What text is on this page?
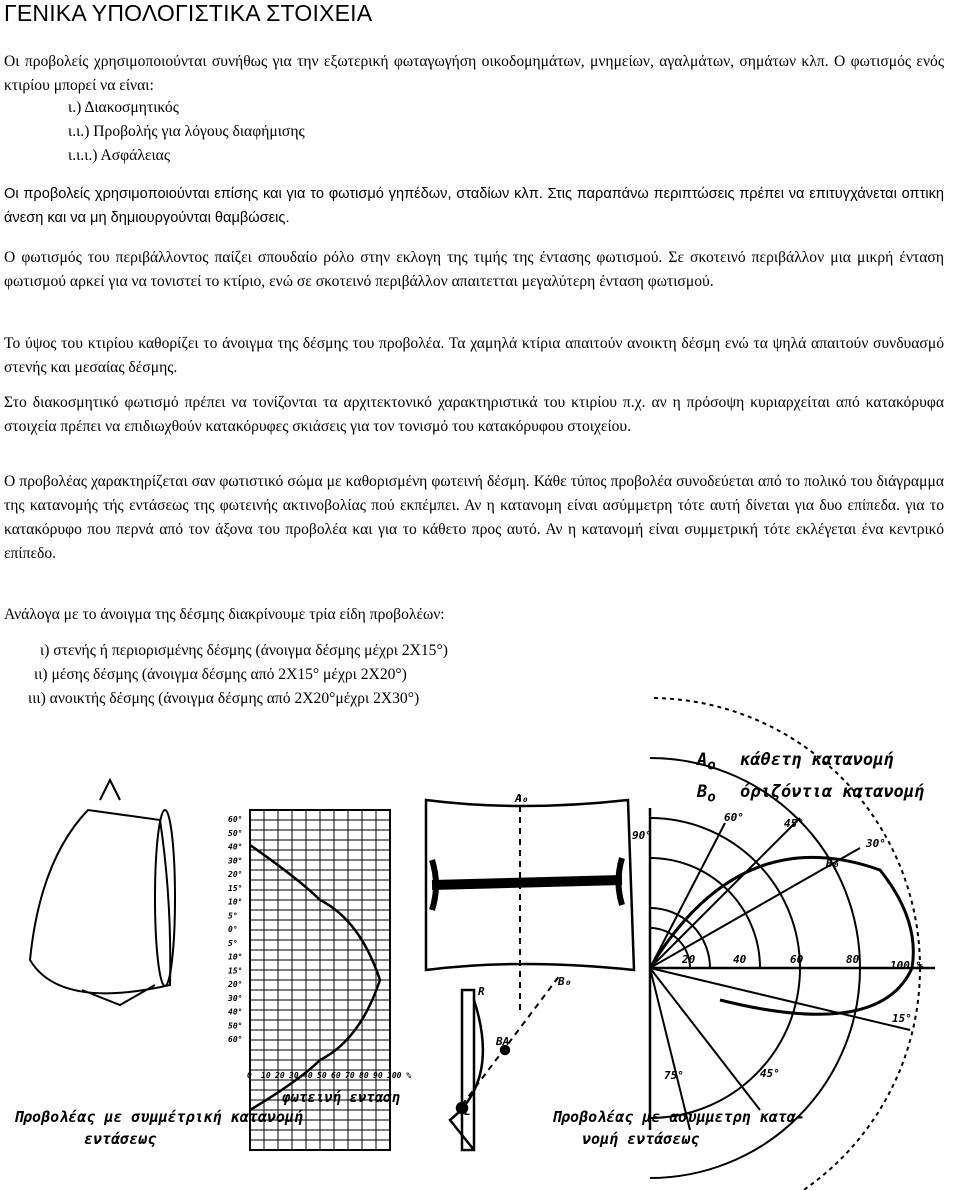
ΓΕΝΙΚΑ ΥΠΟΛΟΓΙΣΤΙΚΑ ΣΤΟΙΧΕΙΑ

Οι προβολείς χρησιμοποιούνται συνήθως για την εξωτερική φωταγωγήση οικοδομημάτων, μνημείων, αγαλμάτων, σημάτων κλπ. Ο φωτισμός ενός κτιρίου μπορεί να είναι:

ι.) Διακοσμητικός

ι.ι.) Προβολής για λόγους διαφήμισης

ι.ι.ι.) Ασφάλειας

Οι προβολείς χρησιμοποιούνται επίσης και για το φωτισμό γηπέδων, σταδίων κλπ. Στις παραπάνω περιπτώσεις πρέπει να επιτυγχάνεται οπτικη άνεση και να μη δημιουργούνται θαμβώσεις.

Ο φωτισμός του περιβάλλοντος παίζει σπουδαίο ρόλο στην εκλογη της τιμής της έντασης φωτισμού. Σε σκοτεινό περιβάλλον μια μικρή ένταση φωτισμού αρκεί για να τονιστεί το κτίριο, ενώ σε σκοτεινό περιβάλλον απαιτετται μεγαλύτερη ένταση φωτισμού.

Το ύψος του κτιρίου καθορίζει το άνοιγμα της δέσμης του προβολέα. Τα χαμηλά κτίρια απαιτούν ανοικτη δέσμη ενώ τα ψηλά απαιτούν συνδυασμό στενής και μεσαίας δέσμης.

Στο διακοσμητικό φωτισμό πρέπει να τονίζονται τα αρχιτεκτονικό χαρακτηριστικά του κτιρίου π.χ. αν η πρόσοψη κυριαρχείται από κατακόρυφα στοιχεία πρέπει να επιδιωχθούν κατακόρυφες σκιάσεις για τον τονισμό του κατακόρυφου στοιχείου.

Ο προβολέας χαρακτηρίζεται σαν φωτιστικό σώμα με καθορισμένη φωτεινή δέσμη. Κάθε τύπος προβολέα συνοδεύεται από το πολικό του διάγραμμα της κατανομής τής εντάσεως της φωτεινής ακτινοβολίας πού εκπέμπει. Αν η κατανομη είναι ασύμμετρη τότε αυτή δίνεται για δυο επίπεδα. για το κατακόρυφο που περνά από τον άξονα του προβολέα και για το κάθετο προς αυτό. Αν η κατανομή είναι συμμετρική τότε εκλέγεται ένα κεντρικό επίπεδο.

Ανάλογα με το άνοιγμα της δέσμης διακρίνουμε τρία είδη προβολέων:

ι) στενής ή περιορισμένης δέσμης (άνοιγμα δέσμης μέχρι 2Χ15°)

ιι) μέσης δέσμης (άνοιγμα δέσμης από 2Χ15° μέχρι 2Χ20°)

ιιι) ανοικτής δέσμης (άνοιγμα δέσμης από 2Χ20°μέχρι 2Χ30°)

$A_o$ κάθετη κατανομή
$B_o$ όριζόντια κατανομή
60°
50°
40°
30°
20°
15°
10°
5°
0°
5°
10°
15°
20°
30°
40°
50°
60°
0 10 20 30 40 50 60 70 80 90 100 %
A₀
R
B₀
BA
L
20	40	60	80	100 %
90°
60°	45°
30°
15°
75°	45°
B₀
φωτεινή ενταση
Προβολέας με συμμέτρική κατανομή
εντάσεως
Προβολέας με ασύμμετρη κατα-
νομή εντάσεως
